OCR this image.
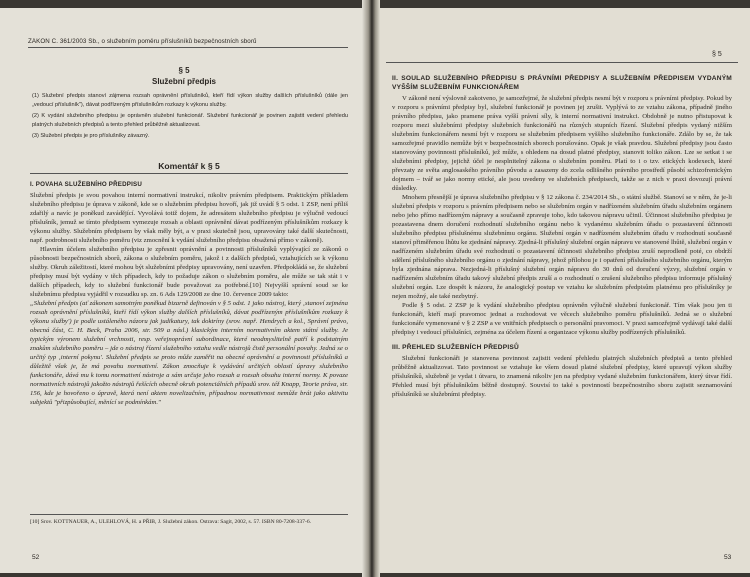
ZÁKON Č. 361/2003 Sb., o služebním poměru příslušníků bezpečnostních sborů
§ 5
Služební předpis

(1) Služební předpis stanoví zájmena rozsah oprávnění příslušníků, kteří řídí výkon služby dalších příslušníků (dále jen „vedoucí příslušník"), dávat podřízeným příslušníkům rozkazy k výkonu služby.

(2) K vydání služebního předpisu je oprávněn služební funkcionář. Služební funkcionář je povinen zajistit vedení přehledu platných služebních předpisů a tento přehled průběžně aktualizovat.

(3) Služební předpis je pro příslušníky závazný.

Komentář k § 5
I. POVAHA SLUŽEBNÍHO PŘEDPISU

Služební předpis je svou povahou interní normativní instrukcí, nikoliv právním předpisem. Praktickým příkladem služebního předpisu je úprava v zákoně, kde se o služebním předpisu hovoří, jak již uvádí § 5 odst. 1 ZSP, není příliš zdařilý a navíc je poněkud zavádějící. Vyvolává totiž dojem, že adresátem služebního předpisu je výlučně vedoucí příslušník, jemuž se tímto předpisem vymezuje rozsah a oblasti oprávnění dávat podřízeným příslušníkům rozkazy k výkonu služby. Služebním předpisem by však měly být, a v praxi skutečně jsou, upravovány také další skutečnosti, např. podrobnosti služebního poměru (viz zmocnění k vydání služebního předpisu obsažená přímo v zákoně).

Hlavním účelem služebního předpisu je zpřesnit oprávnění a povinnosti příslušníků vyplývající ze zákonů o působnosti bezpečnostních sborů, zákona o služebním poměru, jakož i z dalších předpisů, vztahujících se k výkonu služby. Okruh záležitostí, které mohou být služebními předpisy upravovány, není uzavřen. Předpokládá se, že služební předpisy musí být vydány v těch případech, kdy to požaduje zákon o služebním poměru, ale může se tak stát i v dalších případech, kdy to služební funkcionář bude považovat za potřebné.[10] Nejvyšší správní soud se ke služebnímu předpisu vyjádřil v rozsudku sp. zn. 6 Ads 129/2008 ze dne 10. července 2009 takto:

„Služební předpis (ať zákonem samotným poněkud bizarně definován v § 5 odst. 1 jako nástroj, který ‚stanoví zejména rozsah oprávnění příslušníků, kteří řídí výkon služby dalších příslušníků, dávat podřízeným příslušníkům rozkazy k výkonu služby') je podle ustáleného názoru jak judikatury, tak doktríny (srov. např. Hendrych a kol., Správní právo, obecná část, C. H. Beck, Praha 2006, str. 509 a násl.) klasickým interním normativním aktem státní služby. Je typickým výronem služební vrchnosti, resp. veřejnoprávní subordinace, které neodmyslitelně patří k podstatným znakům služebního poměru – jde o nástroj řízení služebního vztahu vedle nástrojů čistě personální povahy. Jedná se o určitý typ ‚interní pokynu'. Služební předpis se proto může zaměřit na obecné oprávnění a povinnosti příslušníků a důležitě však je, že má povahu normativní. Zákon zmocňuje k vydávání určitých oblastí úpravy služebního funkcionáře, dává mu k tomu normativní nástroje a sám určuje jeho rozsah a rozsah obsahu interní normy. K povaze normativních nástrojů jakožto nástrojů řešících obecně okruh potenciálních případů srov. též Knapp, Teorie práva, str. 156, kde je hovořeno o úpravě, která není aktem novelizačním, případnou normativnost nemůže brát jako aktivitu subjektů "přizpůsobující, měnící se podmínkám."

[10] Srov. KOTTNAUER, A., ULEHLOVÁ, H. a PŘIB, J. Služební zákon. Ostrava: Sagit, 2002, s. 57. ISBN 80-7208-337-6.
52
§ 5
II. SOULAD SLUŽEBNÍHO PŘEDPISU S PRÁVNÍMI PŘEDPISY A SLUŽEBNÍM PŘEDPISEM VYDANÝM VYŠŠÍM SLUŽEBNÍM FUNKCIONÁŘEM

V zákoně není výslovně zakotveno, je samozřejmé, že služební předpis nesmí být v rozporu s právními předpisy. Pokud by v rozporu s právními předpisy byl, služební funkcionář je povinen jej zrušit. Vyplývá to ze vztahu zákona, případně jiného právního předpisu, jako pramene práva vyšší právní síly, k interní normativní instrukci. Obdobně je nutno přistupovat k rozporu mezi služebními předpisy služebních funkcionářů na různých stupních řízení. Služební předpis vydaný nižším služebním funkcionářem nesmí být v rozporu se služebním předpisem vyššího služebního funkcionáře. Zdálo by se, že tak samozřejmé pravidlo nemůže být v bezpečnostních sborech porušováno. Opak je však pravdou. Služební předpisy jsou často stanovovány povinnosti příslušníků, jež může, s ohledem na dosud platné předpisy, stanovit toliko zákon. Lze se setkat i se služebními předpisy, jejichž účel je nesplnitelný zákona o služebním poměru. Platí to i o tzv. etických kodexech, které převzaty ze světa anglosaského právního původu a zasazeny do zcela odlišného právního prostředí působí schizofrenickým dojmem – tvář se jako normy etické, ale jsou uvedeny ve služebních předpisech, takže se z nich v praxi dovozují právní důsledky.

Mnohem přesnější je úprava služebního předpisu v § 12 zákona č. 234/2014 Sb., o státní službě. Stanoví se v něm, že je-li služební předpis v rozporu s právním předpisem nebo se služebním orgán v nadřízeném služebním úřadu služebním orgánem nebo jeho přímo nadřízeným nápravy a současně zpravuje toho, kdo takovou nápravu učinil. Účinnost služebního předpisu je pozastavena dnem doručení rozhodnutí služebního orgánu nebo k vydanému služebním úřadu o pozastavení účinnosti služebního předpisu příslušnému služebnímu orgánu. Služební orgán v nadřízeném služebním úřadu v rozhodnutí současně stanoví přiměřenou lhůtu ke zjednání nápravy. Zjedná-li příslušný služební orgán nápravu ve stanovené lhůtě, služební orgán v nadřízeném služebním úřadu své rozhodnutí o pozastavení účinnosti služebního předpisu zruší neprodleně poté, co obdrží sdělení příslušného služebního orgánu o zjednání nápravy, jehož přílohou je i opatření příslušného služebního orgánu, kterým byla zjednána náprava. Nezjedná-li příslušný služební orgán nápravu do 30 dnů od doručení výzvy, služební orgán v nadřízeném služebním úřadu takový služební předpis zruší a o rozhodnutí o zrušení služebního předpisu informuje příslušný služební orgán. Lze dospět k názoru, že analogický postup ve vztahu ke služebním předpisům platnému pro příslušníky je nejen možný, ale také nezbytný.

Podle § 5 odst. 2 ZSP je k vydání služebního předpisu oprávněn výlučně služební funkcionář. Tím však jsou jen ti funkcionáři, kteří mají pravomoc jednat a rozhodovat ve věcech služebního poměru příslušníků. Jedná se o služební funkcionáře vymenované v § 2 ZSP a ve vnitřních předpisech o personální pravomoci. V praxi samozřejmě vydávají také další předpisy i vedoucí příslušníci, zejména za účelem řízení a organizace výkonu služby podřízených příslušníků.

III. PŘEHLED SLUŽEBNÍCH PŘEDPISŮ

Služební funkcionáři je stanovena povinnost zajistit vedení přehledu platných služebních předpisů a tento přehled průběžně aktualizovat. Tato povinnost se vztahuje ke všem dosud platné služební předpisy, které upravují výkon služby příslušníků, služebně je vydat i útvaru, to znamená nikoliv jen na předpisy vydané služebním funkcionářem, který útvar řídí. Přehled musí být příslušníkům běžně dostupný. Souvisí to také s povinností bezpečnostního sboru zajistit seznamování příslušníků se služebními předpisy.

53
